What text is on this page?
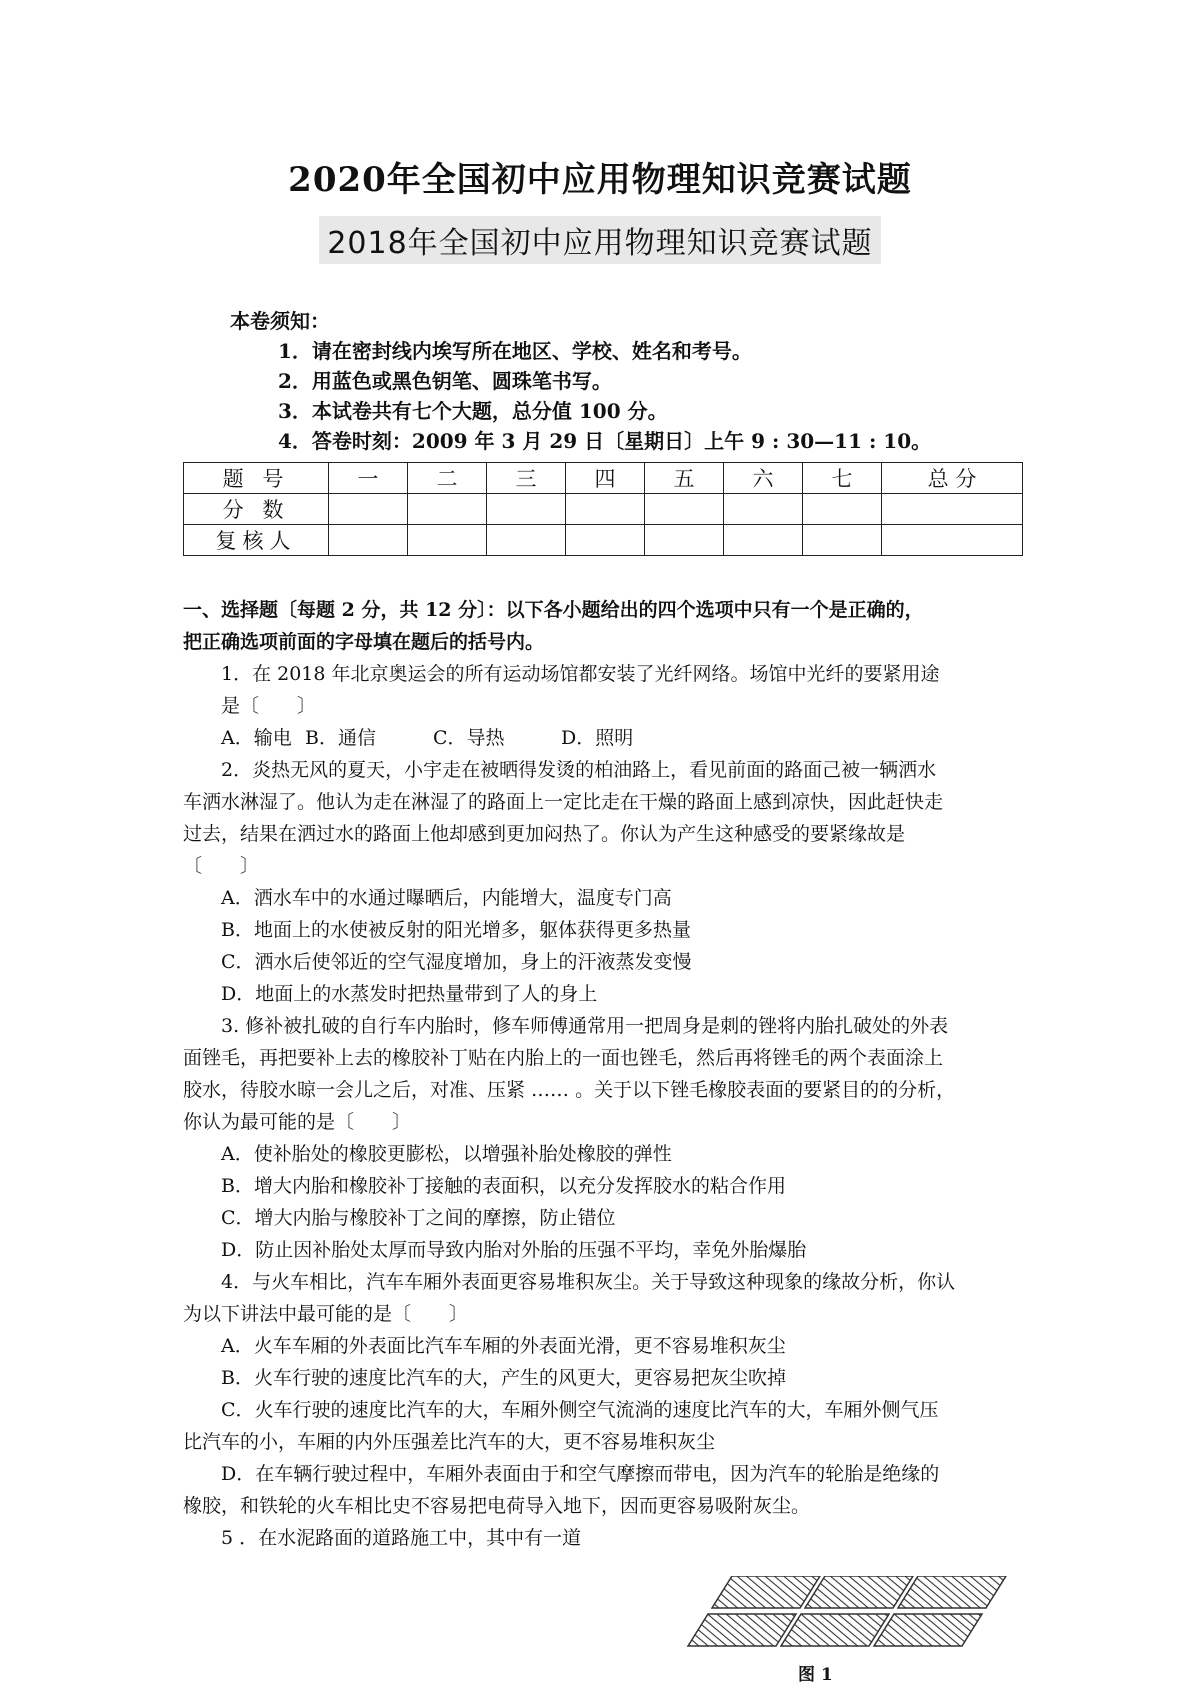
2020年全国初中应用物理知识竞赛试题
2018年全国初中应用物理知识竞赛试题
本卷须知：
1．请在密封线内埃写所在地区、学校、姓名和考号。
2．用蓝色或黑色钥笔、圆珠笔书写。
3．本试卷共有七个大题，总分值 100 分。
4．答卷时刻：2009 年 3 月 29 日〔星期日〕上午 9 : 30—11 : 10。
题 号	一	二	三	四	五	六	七	总 分
分 数								
复核人								

一、选择题〔每题 2 分，共 12 分〕：以下各小题给出的四个选项中只有一个是正确的，

把正确选项前面的字母填在题后的括号内。

1．在 2018 年北京奥运会的所有运动场馆都安装了光纤网络。场馆中光纤的要紧用途

是〔　　〕

A．输电 B．通信	C．导热	D．照明

2．炎热无风的夏天，小宇走在被晒得发烫的柏油路上，看见前面的路面己被一辆洒水

车洒水淋湿了。他认为走在淋湿了的路面上一定比走在干燥的路面上感到凉快，因此赶快走

过去，结果在洒过水的路面上他却感到更加闷热了。你认为产生这种感受的要紧缘故是

〔　　〕

A．洒水车中的水通过曝晒后，内能增大，温度专门高

B．地面上的水使被反射的阳光增多，躯体获得更多热量

C．洒水后使邻近的空气湿度增加，身上的汗液蒸发变慢

D．地面上的水蒸发时把热量带到了人的身上

3. 修补被扎破的自行车内胎时，修车师傅通常用一把周身是刺的锉将内胎扎破处的外表

面锉毛，再把要补上去的橡胶补丁贴在内胎上的一面也锉毛，然后再将锉毛的两个表面涂上

胶水，待胶水晾一会儿之后，对准、压紧 …… 。关于以下锉毛橡胶表面的要紧目的的分析，

你认为最可能的是〔　　〕

A．使补胎处的橡胶更膨松，以增强补胎处橡胶的弹性

B．增大内胎和橡胶补丁接触的表面积，以充分发挥胶水的粘合作用

C．增大内胎与橡胶补丁之间的摩擦，防止错位

D．防止因补胎处太厚而导致内胎对外胎的压强不平均，幸免外胎爆胎

4．与火车相比，汽车车厢外表面更容易堆积灰尘。关于导致这种现象的缘故分析，你认

为以下讲法中最可能的是〔　　〕

A．火车车厢的外表面比汽车车厢的外表面光滑，更不容易堆积灰尘

B．火车行驶的速度比汽车的大，产生的风更大，更容易把灰尘吹掉

C．火车行驶的速度比汽车的大，车厢外侧空气流淌的速度比汽车的大，车厢外侧气压

比汽车的小，车厢的内外压强差比汽车的大，更不容易堆积灰尘

D．在车辆行驶过程中，车厢外表面由于和空气摩擦而带电，因为汽车的轮胎是绝缘的

橡胶，和铁轮的火车相比史不容易把电荷导入地下，因而更容易吸附灰尘。

5 ．在水泥路面的道路施工中，其中有一道

图 1
